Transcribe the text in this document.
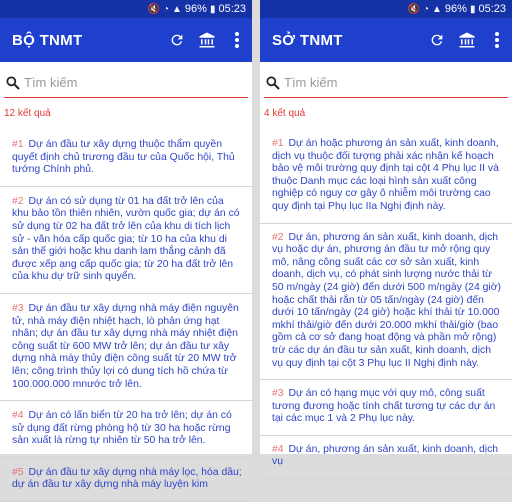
🔇 ◔ ▲ 96% ▮ 05:23
BỘ TNMT
Tìm kiếm
12 kết quả
#1 Dự án đầu tư xây dựng thuộc thẩm quyền quyết định chủ trương đầu tư của Quốc hội, Thủ tướng Chính phủ.
#2 Dự án có sử dụng từ 01 ha đất trở lên của khu bảo tồn thiên nhiên, vườn quốc gia; dự án có sử dụng từ 02 ha đất trở lên của khu di tích lịch sử - văn hóa cấp quốc gia; từ 10 ha của khu di sản thế giới hoặc khu danh lam thắng cảnh đã được xếp ạng cấp quốc gia; từ 20 ha đất trở lên của khu dự trữ sinh quyển.
#3 Dự án đầu tư xây dựng nhà máy điện nguyên tử, nhà máy điện nhiệt hạch, lò phản ứng hạt nhân; dự án đầu tư xây dựng nhà máy nhiệt điện công suất từ 600 MW trở lên; dự án đầu tư xây dựng nhà máy thủy điện công suất từ 20 MW trở lên; công trình thủy lợi có dung tích hồ chứa từ 100.000.000 mnước trở lên.
#4 Dự án có lấn biển từ 20 ha trở lên; dự án có sử dụng đất rừng phòng hộ từ 30 ha hoặc rừng sản xuất là rừng tự nhiên từ 50 ha trở lên.
#5 Dự án đầu tư xây dựng nhà máy lọc, hóa dầu; dự án đầu tư xây dựng nhà máy luyện kim
🔇 ◔ ▲ 96% ▮ 05:23
SỞ TNMT
Tìm kiếm
4 kết quả
#1 Dự án hoặc phương án sản xuất, kinh doanh, dịch vụ thuộc đối tượng phải xác nhận kế hoạch bảo vệ môi trường quy định tại cột 4 Phụ lục II và thuộc Danh mục các loại hình sản xuất công nghiệp có nguy cơ gây ô nhiễm môi trường cao quy định tại Phụ lục IIa Nghị định này.
#2 Dự án, phương án sản xuất, kinh doanh, dịch vụ hoặc dự án, phương án đầu tư mở rộng quy mô, nâng công suất các cơ sở sản xuất, kinh doanh, dịch vụ, có phát sinh lượng nước thải từ 50 m/ngày (24 giờ) đến dưới 500 m/ngày (24 giờ) hoặc chất thải rắn từ 05 tấn/ngày (24 giờ) đến dưới 10 tấn/ngày (24 giờ) hoặc khí thải từ 10.000 mkhí thải/giờ đến dưới 20.000 mkhí thải/giờ (bao gồm cả cơ sở đang hoạt động và phần mở rộng) trừ các dự án đầu tư sản xuất, kinh doanh, dịch vụ quy định tại cột 3 Phụ lục II Nghị định này.
#3 Dự án có hạng mục với quy mô, công suất tương đương hoặc tính chất tương tự các dự án tại các mục 1 và 2 Phụ lục này.
#4 Dự án, phương án sản xuất, kinh doanh, dịch vụ
